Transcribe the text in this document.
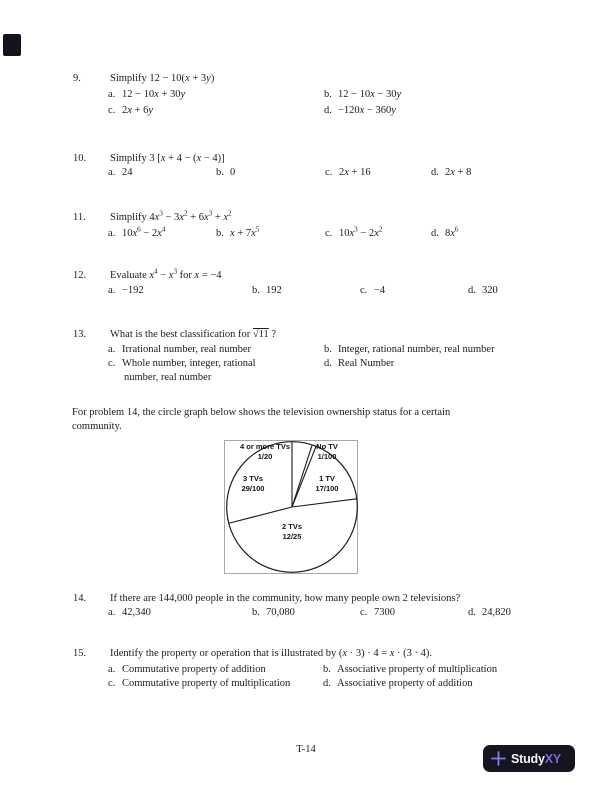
9.	Simplify 12 − 10(x + 3y)
a. 12 − 10x + 30y	b. 12 − 10x − 30y
c. 2x + 6y	d. −120x − 360y
10. Simplify 3 [x + 4 − (x − 4)]
a. 24	b. 0	c. 2x + 16	d. 2x + 8
11. Simplify $4x^3 - 3x^2 + 6x^3 + x^2$
a. $10x^6 - 2x^4$	b. $x + 7x^5$	c. $10x^3 - 2x^2$	d. $8x^6$
12. Evaluate $x^4 - x^3$ for x = −4
a. −192	b. 192	c. −4	d. 320
13. What is the best classification for √11 ?
a. Irrational number, real number	b. Integer, rational number, real number
c. Whole number, integer, rational	d. Real Number
number, real number
For problem 14, the circle graph below shows the television ownership status for a certain
community.
4 or more TVs
1/20
No TV
1/100
1 TV
17/100
2 TVs
12/25
3 TVs
29/100
14. If there are 144,000 people in the community, how many people own 2 televisions?
a. 42,340	b. 70,080	c. 7300	d. 24,820
15. Identify the property or operation that is illustrated by (x · 3) · 4 = x · (3 · 4).
a. Commutative property of addition	b. Associative property of multiplication
c. Commutative property of multiplication	d. Associative property of addition
T-14
StudyXY
